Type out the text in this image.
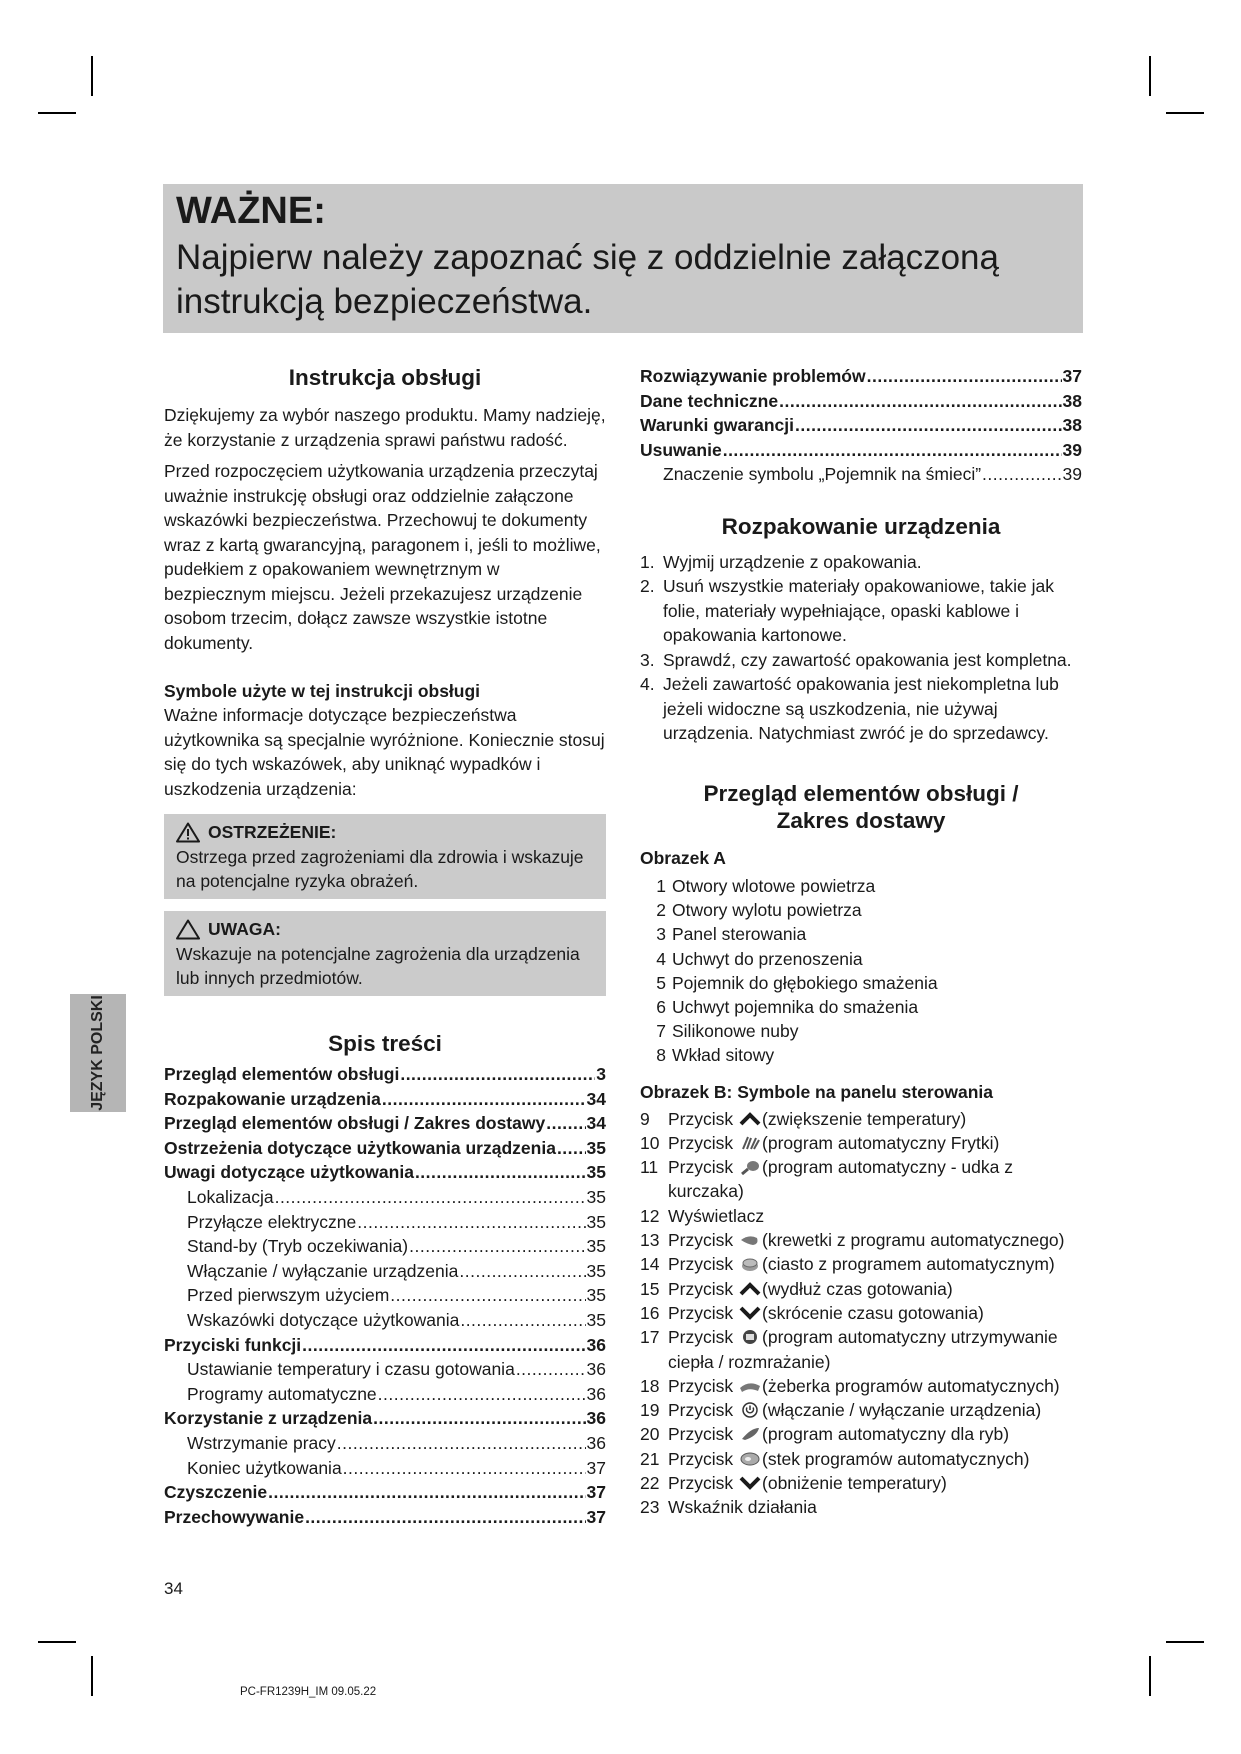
WAŻNE:
Najpierw należy zapoznać się z oddzielnie załączoną instrukcją bezpieczeństwa.
Instrukcja obsługi

Dziękujemy za wybór naszego produktu. Mamy nadzieję, że korzystanie z urządzenia sprawi państwu radość.

Przed rozpoczęciem użytkowania urządzenia przeczytaj uważnie instrukcję obsługi oraz oddzielnie załączone wskazówki bezpieczeństwa. Przechowuj te dokumenty wraz z kartą gwarancyjną, paragonem i, jeśli to możliwe, pudełkiem z opakowaniem wewnętrznym w bezpiecznym miejscu. Jeżeli przekazujesz urządzenie osobom trzecim, dołącz zawsze wszystkie istotne dokumenty.

Symbole użyte w tej instrukcji obsługi

Ważne informacje dotyczące bezpieczeństwa użytkownika są specjalnie wyróżnione. Koniecznie stosuj się do tych wskazówek, aby uniknąć wypadków i uszkodzenia urządzenia:

OSTRZEŻENIE:
Ostrzega przed zagrożeniami dla zdrowia i wskazuje na potencjalne ryzyka obrażeń.
UWAGA:
Wskazuje na potencjalne zagrożenia dla urządzenia lub innych przedmiotów.
Spis treści
Przegląd elementów obsługi .....	3
Rozpakowanie urządzenia .....	34
Przegląd elementów obsługi / Zakres dostawy ..... 34
Ostrzeżenia dotyczące użytkowania urządzenia ..... 35
Uwagi dotyczące użytkowania .....	35
Lokalizacja .....	35
Przyłącze elektryczne .....	35
Stand-by (Tryb oczekiwania) .....	35
Włączanie / wyłączanie urządzenia .....	35
Przed pierwszym użyciem .....	35
Wskazówki dotyczące użytkowania .....	35
Przyciski funkcji .....	36
Ustawianie temperatury i czasu gotowania .....	36
Programy automatyczne .....	36
Korzystanie z urządzenia .....	36
Wstrzymanie pracy .....	36
Koniec użytkowania .....	37
Czyszczenie .....	37
Przechowywanie .....	37
Rozwiązywanie problemów .....	37
Dane techniczne .....	38
Warunki gwarancji .....	38
Usuwanie .....	39
Znaczenie symbolu „Pojemnik na śmieci” .....	39
Rozpakowanie urządzenia
1. Wyjmij urządzenie z opakowania.
2. Usuń wszystkie materiały opakowaniowe, takie jak folie, materiały wypełniające, opaski kablowe i opakowania kartonowe.
3. Sprawdź, czy zawartość opakowania jest kompletna.
4. Jeżeli zawartość opakowania jest niekompletna lub jeżeli widoczne są uszkodzenia, nie używaj urządzenia. Natychmiast zwróć je do sprzedawcy.
Przegląd elementów obsługi /
Zakres dostawy
Obrazek A
1 Otwory wlotowe powietrza
2 Otwory wylotu powietrza
3 Panel sterowania
4 Uchwyt do przenoszenia
5 Pojemnik do głębokiego smażenia
6 Uchwyt pojemnika do smażenia
7 Silikonowe nuby
8 Wkład sitowy
Obrazek B: Symbole na panelu sterowania
9	Przycisk (zwiększenie temperatury)
10 Przycisk (program automatyczny Frytki)
11 Przycisk (program automatyczny - udka z kurczaka)
12 Wyświetlacz
13 Przycisk (krewetki z programu automatycznego)
14 Przycisk (ciasto z programem automatycznym)
15 Przycisk (wydłuż czas gotowania)
16 Przycisk (skrócenie czasu gotowania)
17 Przycisk (program automatyczny utrzymywanie ciepła / rozmrażanie)
18 Przycisk (żeberka programów automatycznych)
19 Przycisk (włączanie / wyłączanie urządzenia)
20 Przycisk (program automatyczny dla ryb)
21 Przycisk (stek programów automatycznych)
22 Przycisk (obniżenie temperatury)
23 Wskaźnik działania
JĘZYK POLSKI
34
PC-FR1239H_IM 09.05.22
